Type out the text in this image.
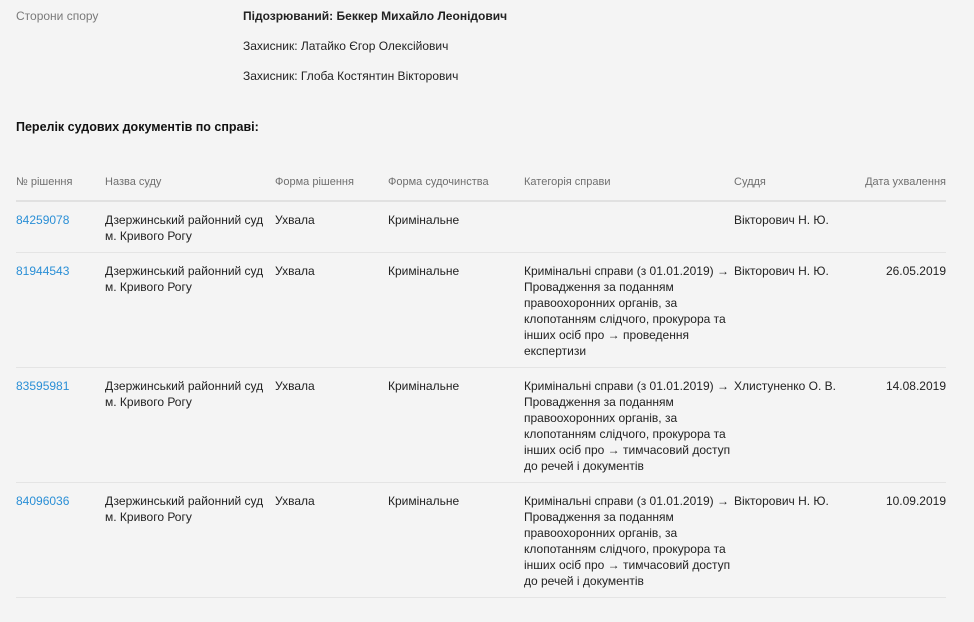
Сторони спору	Підозрюваний: Беккер Михайло Леонідович
Захисник: Латайко Єгор Олексійович
Захисник: Глоба Костянтин Вікторович
Перелік судових документів по справі:
№ рішення	Назва суду	Форма рішення	Форма судочинства	Категорія справи	Суддя	Дата ухвалення
84259078	Дзержинський районний суд м. Кривого Рогу	Ухвала	Кримінальне		Вікторович Н. Ю.	
81944543	Дзержинський районний суд м. Кривого Рогу	Ухвала	Кримінальне	Кримінальні справи (з 01.01.2019) → Провадження за поданням правоохоронних органів, за клопотанням слідчого, прокурора та інших осіб про → проведення експертизи	Вікторович Н. Ю.	26.05.2019
83595981	Дзержинський районний суд м. Кривого Рогу	Ухвала	Кримінальне	Кримінальні справи (з 01.01.2019) → Провадження за поданням правоохоронних органів, за клопотанням слідчого, прокурора та інших осіб про → тимчасовий доступ до речей і документів	Хлистуненко О. В.	14.08.2019
84096036	Дзержинський районний суд м. Кривого Рогу	Ухвала	Кримінальне	Кримінальні справи (з 01.01.2019) → Провадження за поданням правоохоронних органів, за клопотанням слідчого, прокурора та інших осіб про → тимчасовий доступ до речей і документів	Вікторович Н. Ю.	10.09.2019
